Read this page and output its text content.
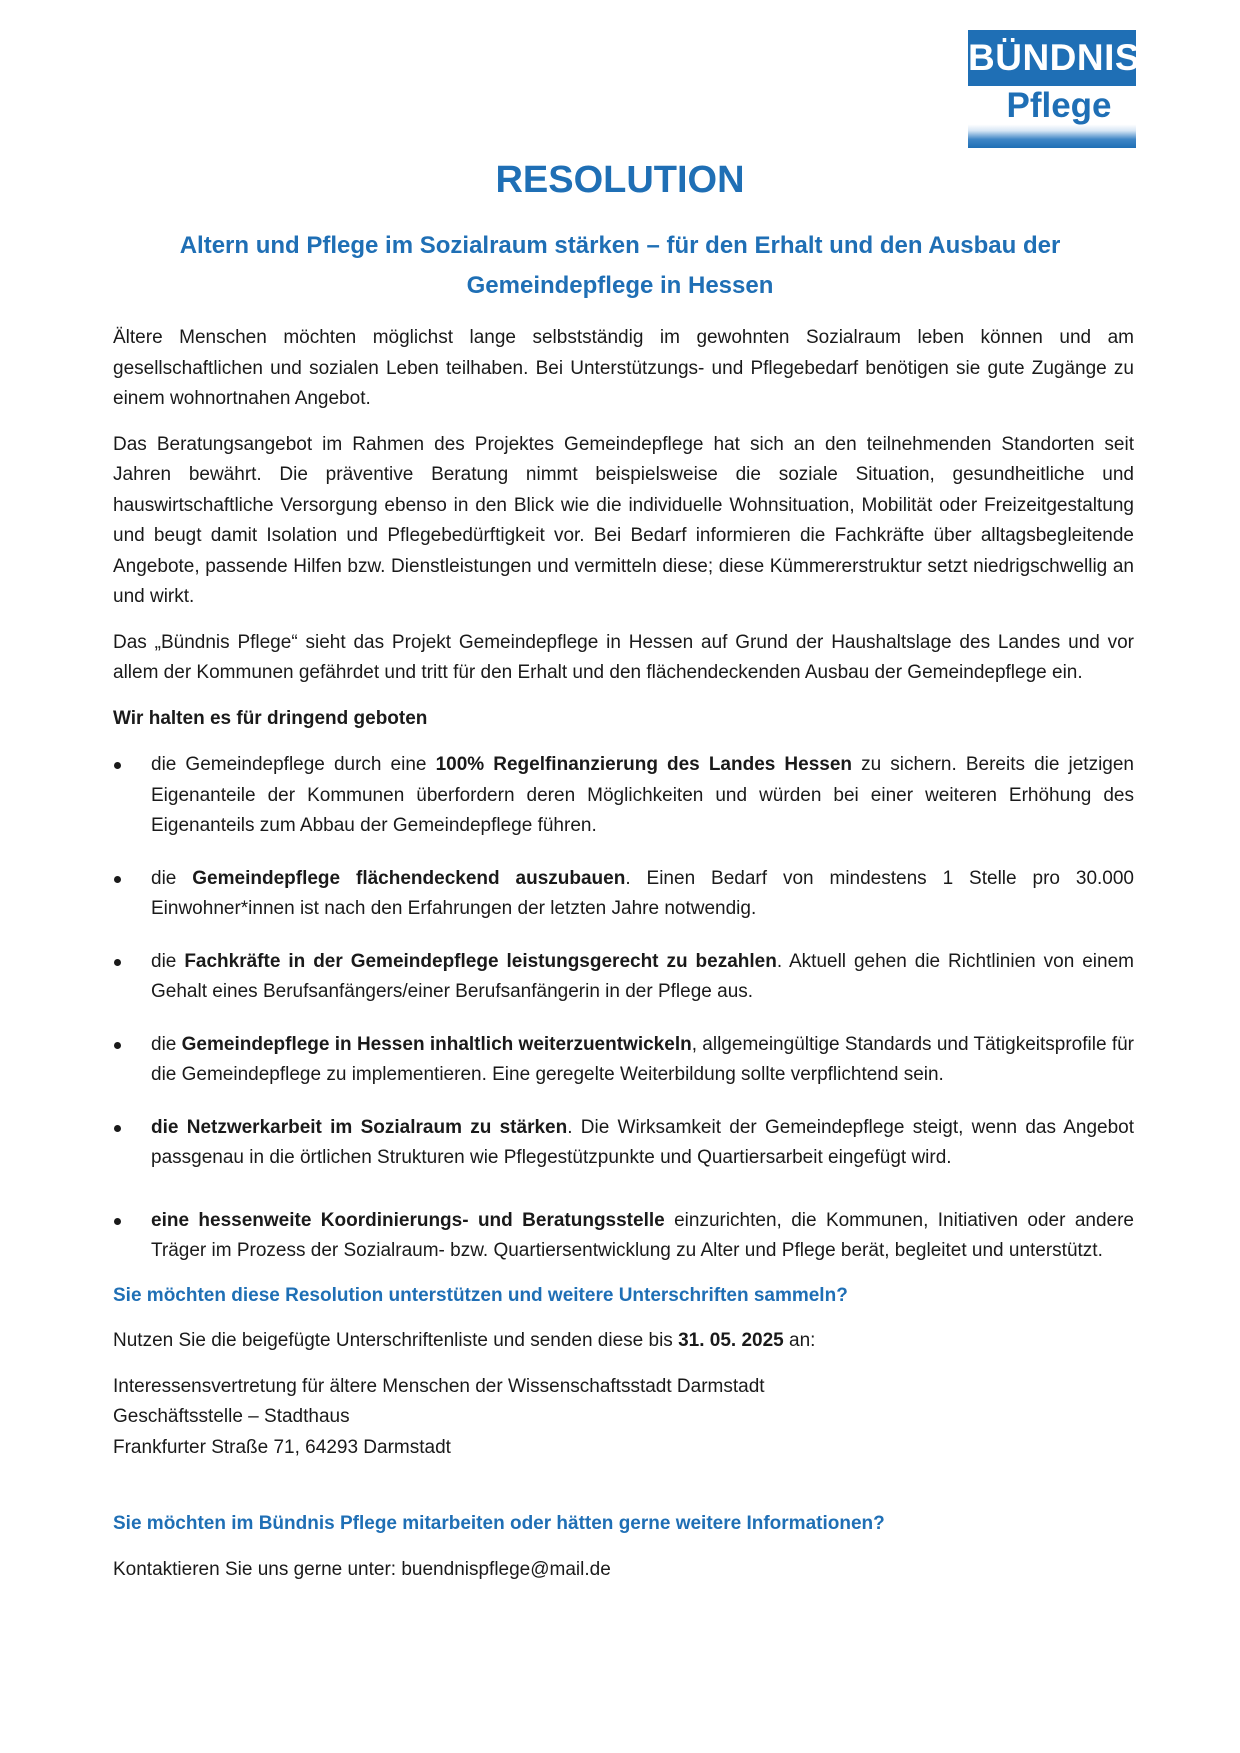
BÜNDNIS
Pflege
RESOLUTION
Altern und Pflege im Sozialraum stärken – für den Erhalt und den Ausbau der Gemeindepflege in Hessen

Ältere Menschen möchten möglichst lange selbstständig im gewohnten Sozialraum leben können und am gesellschaftlichen und sozialen Leben teilhaben. Bei Unterstützungs- und Pflegebedarf benötigen sie gute Zugänge zu einem wohnortnahen Angebot.

Das Beratungsangebot im Rahmen des Projektes Gemeindepflege hat sich an den teilnehmenden Standorten seit Jahren bewährt. Die präventive Beratung nimmt beispielsweise die soziale Situation, gesundheitliche und hauswirtschaftliche Versorgung ebenso in den Blick wie die individuelle Wohnsituation, Mobilität oder Freizeitgestaltung und beugt damit Isolation und Pflegebedürftigkeit vor. Bei Bedarf informieren die Fachkräfte über alltagsbegleitende Angebote, passende Hilfen bzw. Dienstleistungen und vermitteln diese; diese Kümmererstruktur setzt niedrigschwellig an und wirkt.

Das „Bündnis Pflege“ sieht das Projekt Gemeindepflege in Hessen auf Grund der Haushaltslage des Landes und vor allem der Kommunen gefährdet und tritt für den Erhalt und den flächendeckenden Ausbau der Gemeindepflege ein.

Wir halten es für dringend geboten

die Gemeindepflege durch eine 100% Regelfinanzierung des Landes Hessen zu sichern. Bereits die jetzigen Eigenanteile der Kommunen überfordern deren Möglichkeiten und würden bei einer weiteren Erhöhung des Eigenanteils zum Abbau der Gemeindepflege führen.
die Gemeindepflege flächendeckend auszubauen. Einen Bedarf von mindestens 1 Stelle pro 30.000 Einwohner*innen ist nach den Erfahrungen der letzten Jahre notwendig.
die Fachkräfte in der Gemeindepflege leistungsgerecht zu bezahlen. Aktuell gehen die Richtlinien von einem Gehalt eines Berufsanfängers/einer Berufsanfängerin in der Pflege aus.
die Gemeindepflege in Hessen inhaltlich weiterzuentwickeln, allgemeingültige Standards und Tätigkeitsprofile für die Gemeindepflege zu implementieren. Eine geregelte Weiterbildung sollte verpflichtend sein.
die Netzwerkarbeit im Sozialraum zu stärken. Die Wirksamkeit der Gemeindepflege steigt, wenn das Angebot passgenau in die örtlichen Strukturen wie Pflegestützpunkte und Quartiersarbeit eingefügt wird.
eine hessenweite Koordinierungs- und Beratungsstelle einzurichten, die Kommunen, Initiativen oder andere Träger im Prozess der Sozialraum- bzw. Quartiersentwicklung zu Alter und Pflege berät, begleitet und unterstützt.

Sie möchten diese Resolution unterstützen und weitere Unterschriften sammeln?

Nutzen Sie die beigefügte Unterschriftenliste und senden diese bis 31. 05. 2025 an:

Interessensvertretung für ältere Menschen der Wissenschaftsstadt Darmstadt
Geschäftsstelle – Stadthaus
Frankfurter Straße 71, 64293 Darmstadt

Sie möchten im Bündnis Pflege mitarbeiten oder hätten gerne weitere Informationen?

Kontaktieren Sie uns gerne unter: buendnispflege@mail.de
